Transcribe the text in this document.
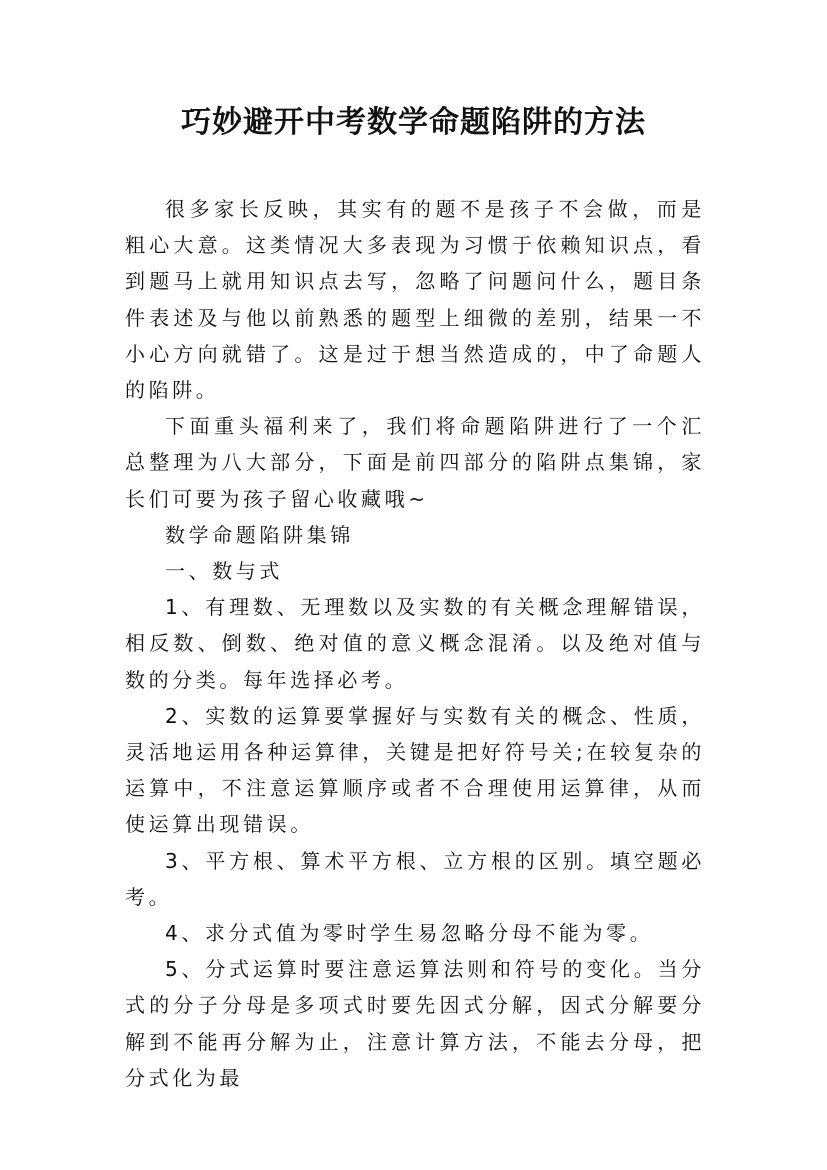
巧妙避开中考数学命题陷阱的方法

很多家长反映，其实有的题不是孩子不会做，而是粗心大意。这类情况大多表现为习惯于依赖知识点，看到题马上就用知识点去写，忽略了问题问什么，题目条件表述及与他以前熟悉的题型上细微的差别，结果一不小心方向就错了。这是过于想当然造成的，中了命题人的陷阱。

下面重头福利来了，我们将命题陷阱进行了一个汇总整理为八大部分，下面是前四部分的陷阱点集锦，家长们可要为孩子留心收藏哦~

数学命题陷阱集锦

一、数与式

1、有理数、无理数以及实数的有关概念理解错误，相反数、倒数、绝对值的意义概念混淆。以及绝对值与数的分类。每年选择必考。

2、实数的运算要掌握好与实数有关的概念、性质，灵活地运用各种运算律，关键是把好符号关;在较复杂的运算中，不注意运算顺序或者不合理使用运算律，从而使运算出现错误。

3、平方根、算术平方根、立方根的区别。填空题必考。

4、求分式值为零时学生易忽略分母不能为零。

5、分式运算时要注意运算法则和符号的变化。当分式的分子分母是多项式时要先因式分解，因式分解要分解到不能再分解为止，注意计算方法，不能去分母，把分式化为最
